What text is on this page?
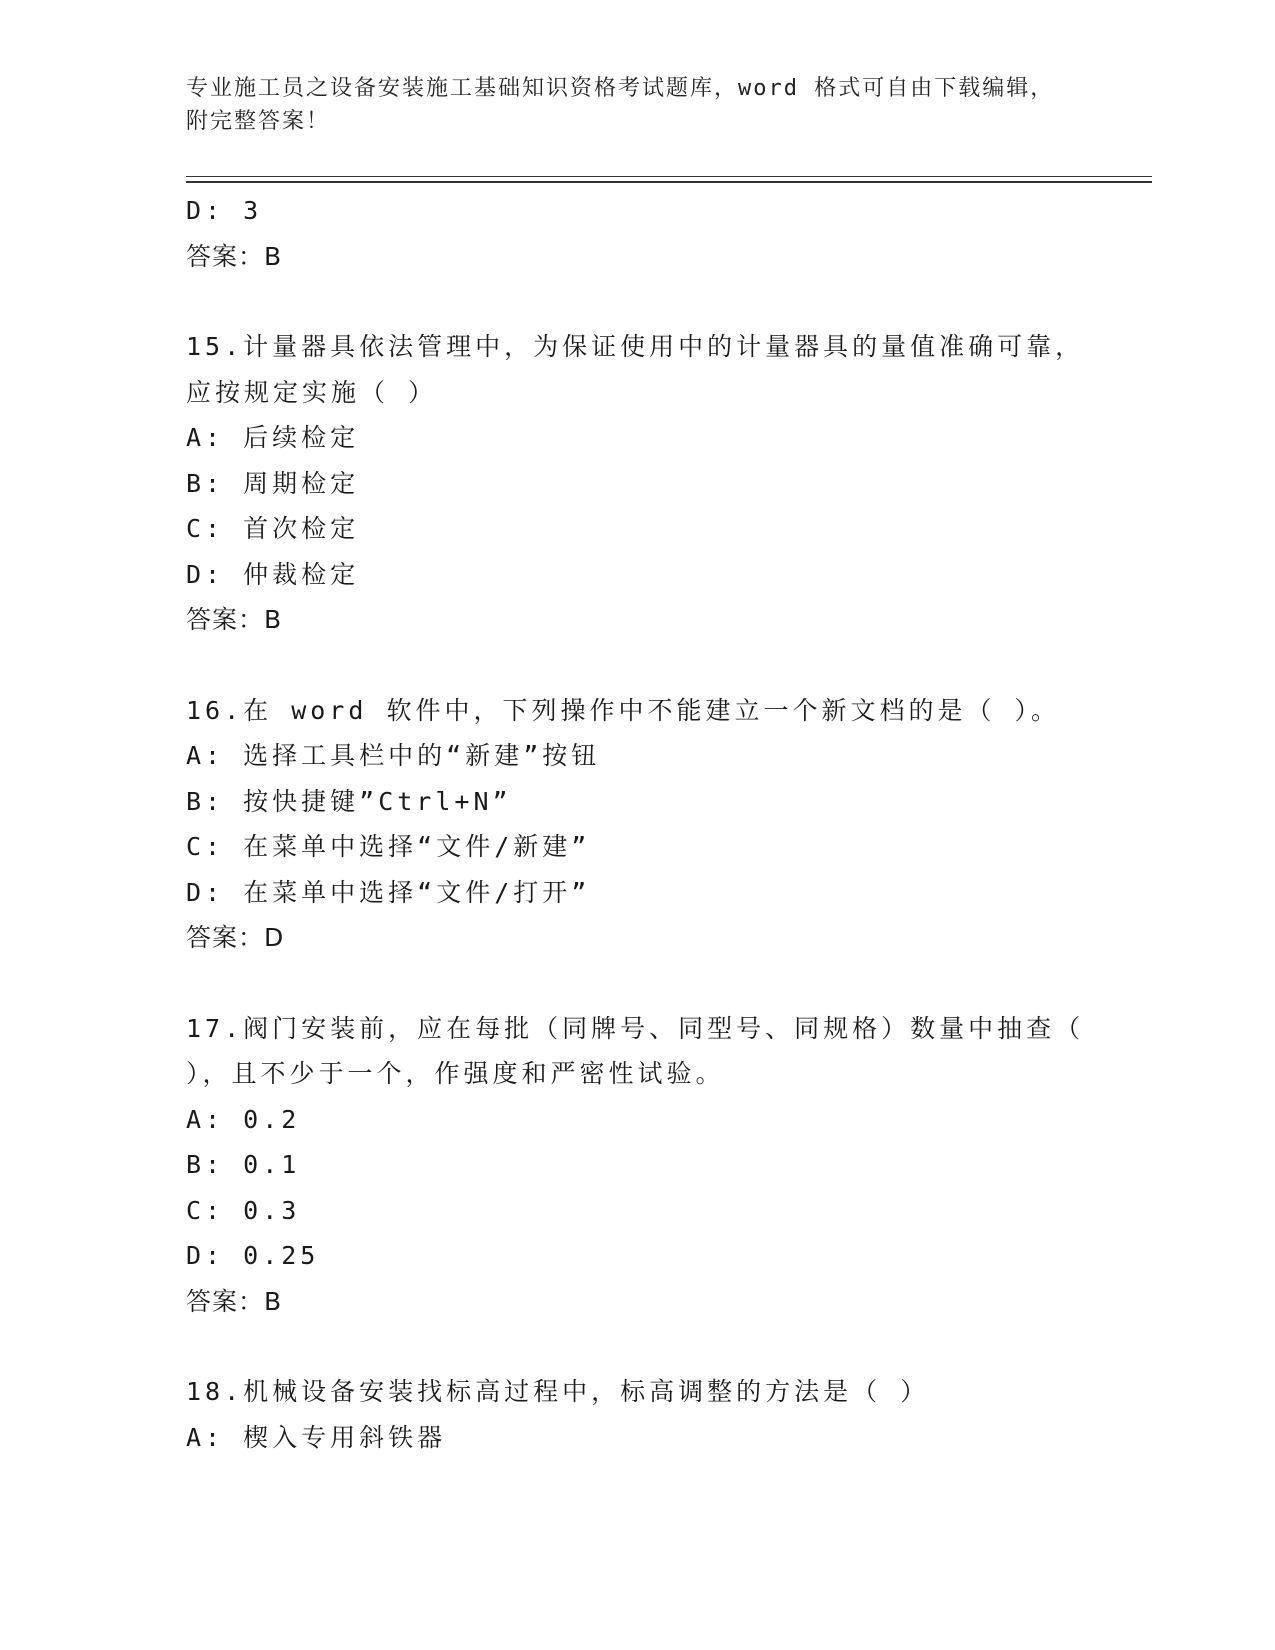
专业施工员之设备安装施工基础知识资格考试题库，word 格式可自由下载编辑，
附完整答案！
D: 3
答案：B
15.计量器具依法管理中，为保证使用中的计量器具的量值准确可靠，
应按规定实施（ ）
A: 后续检定
B: 周期检定
C: 首次检定
D: 仲裁检定
答案：B
16.在 word 软件中，下列操作中不能建立一个新文档的是（ ）。
A: 选择工具栏中的“新建”按钮
B: 按快捷键”Ctrl+N”
C: 在菜单中选择“文件/新建”
D: 在菜单中选择“文件/打开”
答案：D
17.阀门安装前，应在每批（同牌号、同型号、同规格）数量中抽查（
），且不少于一个，作强度和严密性试验。
A: 0.2
B: 0.1
C: 0.3
D: 0.25
答案：B
18.机械设备安装找标高过程中，标高调整的方法是（ ）
A: 楔入专用斜铁器
